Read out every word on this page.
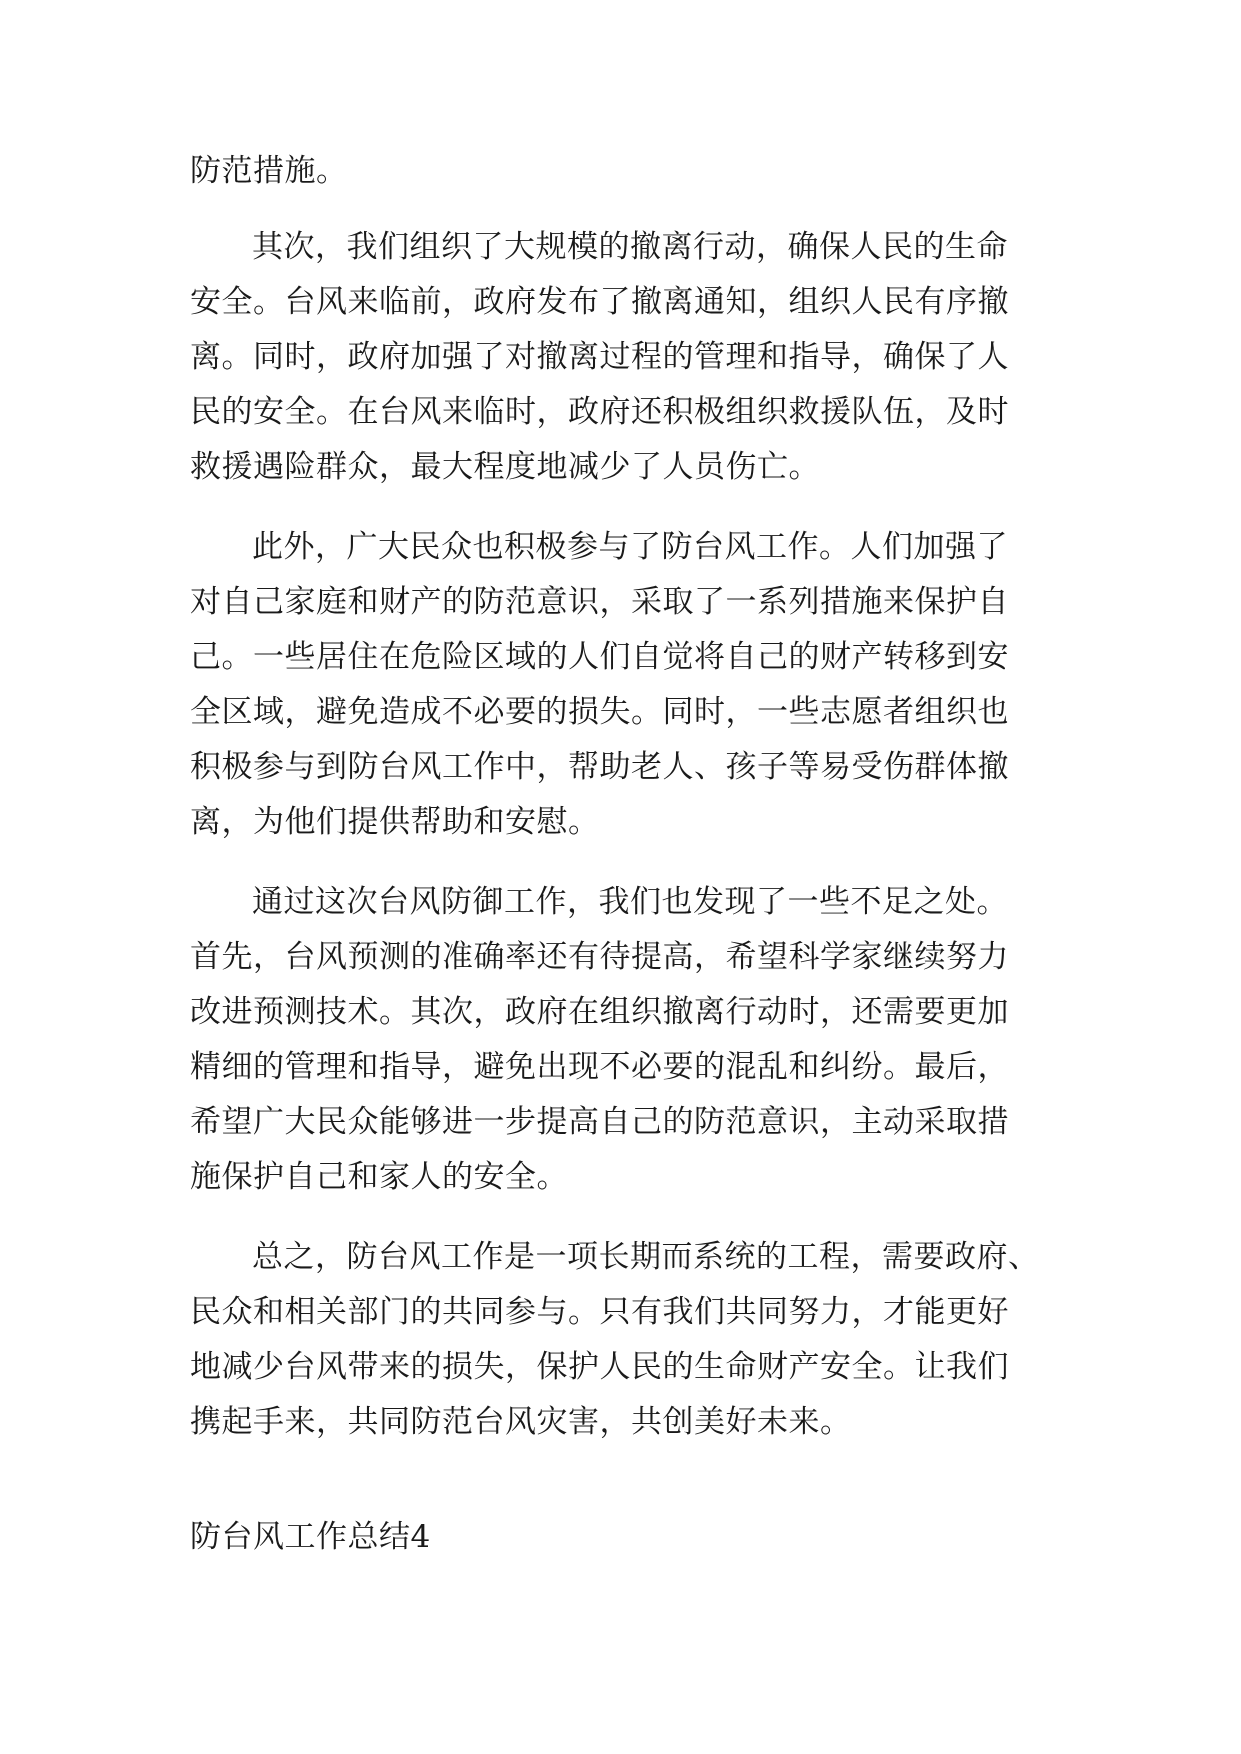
防范措施。
其次，我们组织了大规模的撤离行动，确保人民的生命
安全。台风来临前，政府发布了撤离通知，组织人民有序撤
离。同时，政府加强了对撤离过程的管理和指导，确保了人
民的安全。在台风来临时，政府还积极组织救援队伍，及时
救援遇险群众，最大程度地减少了人员伤亡。
此外，广大民众也积极参与了防台风工作。人们加强了
对自己家庭和财产的防范意识，采取了一系列措施来保护自
己。一些居住在危险区域的人们自觉将自己的财产转移到安
全区域，避免造成不必要的损失。同时，一些志愿者组织也
积极参与到防台风工作中，帮助老人、孩子等易受伤群体撤
离，为他们提供帮助和安慰。
通过这次台风防御工作，我们也发现了一些不足之处。
首先，台风预测的准确率还有待提高，希望科学家继续努力
改进预测技术。其次，政府在组织撤离行动时，还需要更加
精细的管理和指导，避免出现不必要的混乱和纠纷。最后，
希望广大民众能够进一步提高自己的防范意识，主动采取措
施保护自己和家人的安全。
总之，防台风工作是一项长期而系统的工程，需要政府、
民众和相关部门的共同参与。只有我们共同努力，才能更好
地减少台风带来的损失，保护人民的生命财产安全。让我们
携起手来，共同防范台风灾害，共创美好未来。
防台风工作总结4
